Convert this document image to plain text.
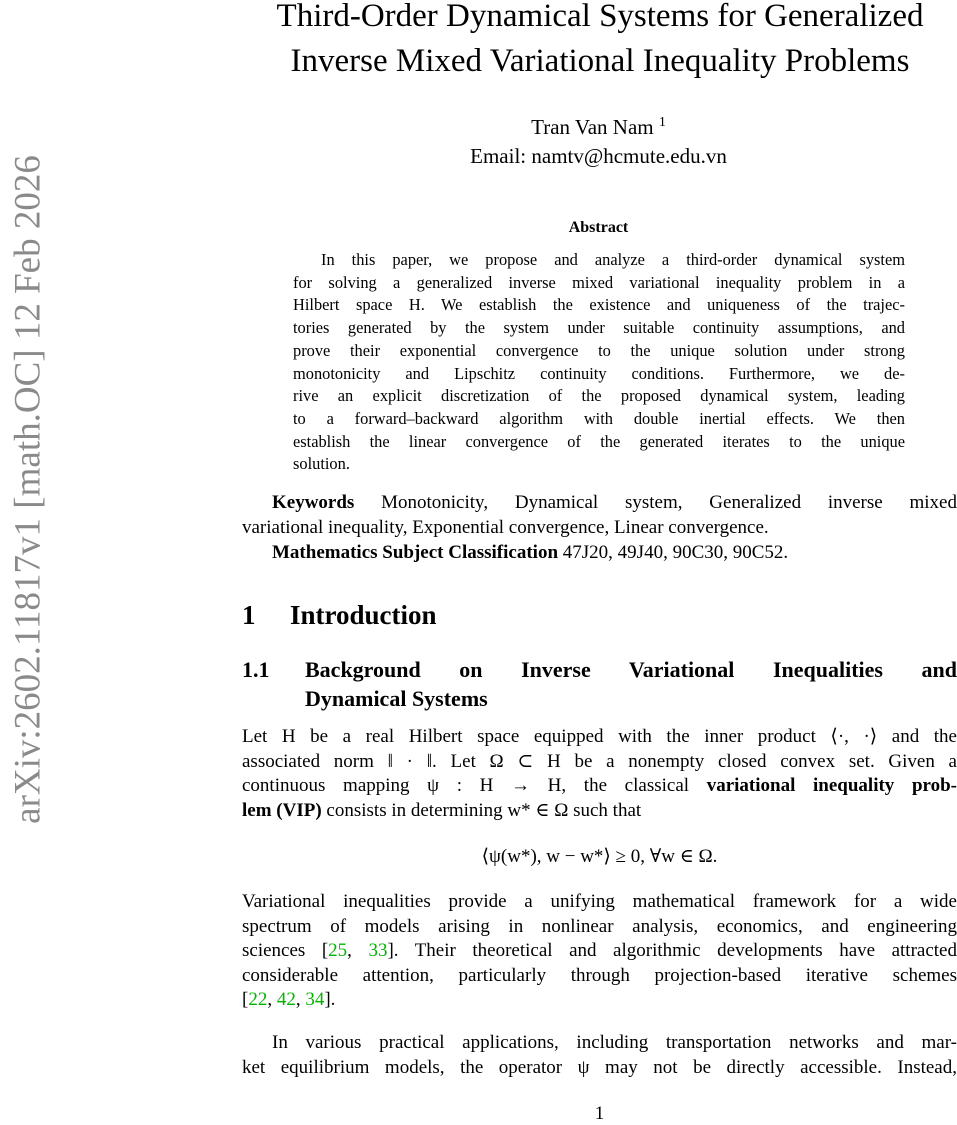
arXiv:2602.11817v1 [math.OC] 12 Feb 2026
Third-Order Dynamical Systems for Generalized
Inverse Mixed Variational Inequality Problems
Tran Van Nam $^1$
Email: namtv@hcmute.edu.vn
Abstract
In this paper, we propose and analyze a third-order dynamical system
for solving a generalized inverse mixed variational inequality problem in a
Hilbert space H. We establish the existence and uniqueness of the trajec-
tories generated by the system under suitable continuity assumptions, and
prove their exponential convergence to the unique solution under strong
monotonicity and Lipschitz continuity conditions. Furthermore, we de-
rive an explicit discretization of the proposed dynamical system, leading
to a forward–backward algorithm with double inertial effects. We then
establish the linear convergence of the generated iterates to the unique
solution.
Keywords Monotonicity, Dynamical system, Generalized inverse mixed
variational inequality, Exponential convergence, Linear convergence.
Mathematics Subject Classification 47J20, 49J40, 90C30, 90C52.
1 Introduction
1.1 Background on Inverse Variational Inequalities and
Dynamical Systems
Let H be a real Hilbert space equipped with the inner product ⟨·, ·⟩ and the
associated norm ‖ · ‖. Let Ω ⊂ H be a nonempty closed convex set. Given a
continuous mapping ψ : H → H, the classical variational inequality prob-
lem (VIP) consists in determining w* ∈ Ω such that
⟨ψ(w*), w − w*⟩ ≥ 0, ∀w ∈ Ω.
Variational inequalities provide a unifying mathematical framework for a wide
spectrum of models arising in nonlinear analysis, economics, and engineering
sciences [25, 33]. Their theoretical and algorithmic developments have attracted
considerable attention, particularly through projection-based iterative schemes
[22, 42, 34].
In various practical applications, including transportation networks and mar-
ket equilibrium models, the operator ψ may not be directly accessible. Instead,
1
